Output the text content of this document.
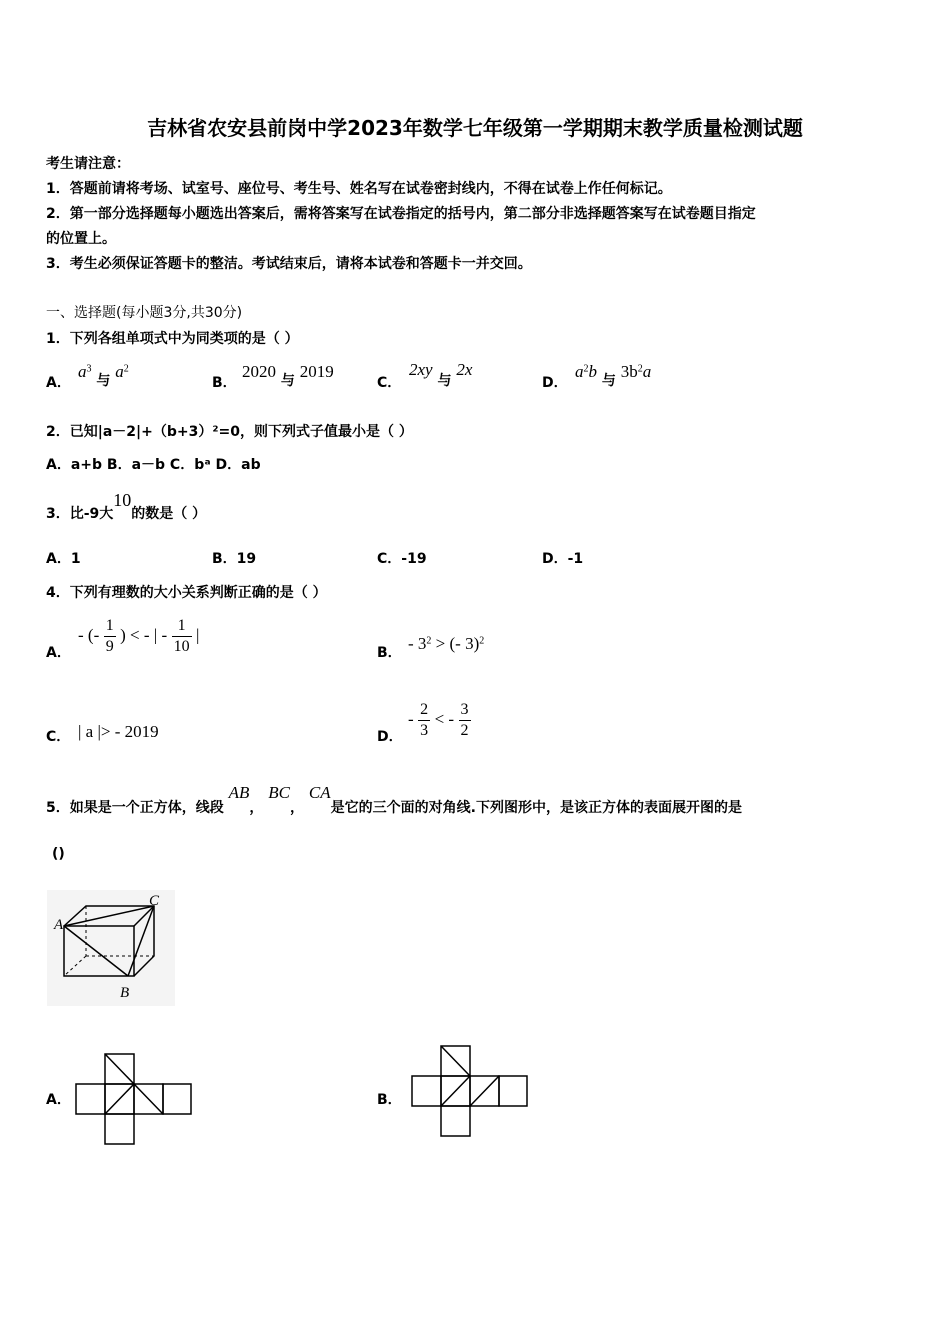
吉林省农安县前岗中学2023年数学七年级第一学期期末教学质量检测试题
考生请注意：
1．答题前请将考场、试室号、座位号、考生号、姓名写在试卷密封线内，不得在试卷上作任何标记。
2．第一部分选择题每小题选出答案后，需将答案写在试卷指定的括号内，第二部分非选择题答案写在试卷题目指定
的位置上。
3．考生必须保证答题卡的整洁。考试结束后，请将本试卷和答题卡一并交回。
一、选择题(每小题3分,共30分)
1．下列各组单项式中为同类项的是（ ）
A．
$a^3$ 与 $a^2$
B．
2020 与 2019
C．
2xy 与 2x
D．
$a^2b$ 与 $3b^2a$
2．已知|a－2|+（b+3）²=0，则下列式子值最小是（ ）
A．a+b B．a－b C．bᵃ D．ab
3．比-9大10的数是（ ）
A．1	B．19	C．-19	D．-1
4．下列有理数的大小关系判断正确的是（ ）
A．
- (- $\frac{1}{9}$ ) < - | - $\frac{1}{10}$ |
B． - $3^2$ > (- 3)$^2$
C． | a |> - 2019	D．
- $\frac{2}{3}$ < - $\frac{3}{2}$
5．如果是一个正方体，线段 AB， BC， CA是它的三个面的对角线.下列图形中，是该正方体的表面展开图的是
()
A
C
B
A．	B．
